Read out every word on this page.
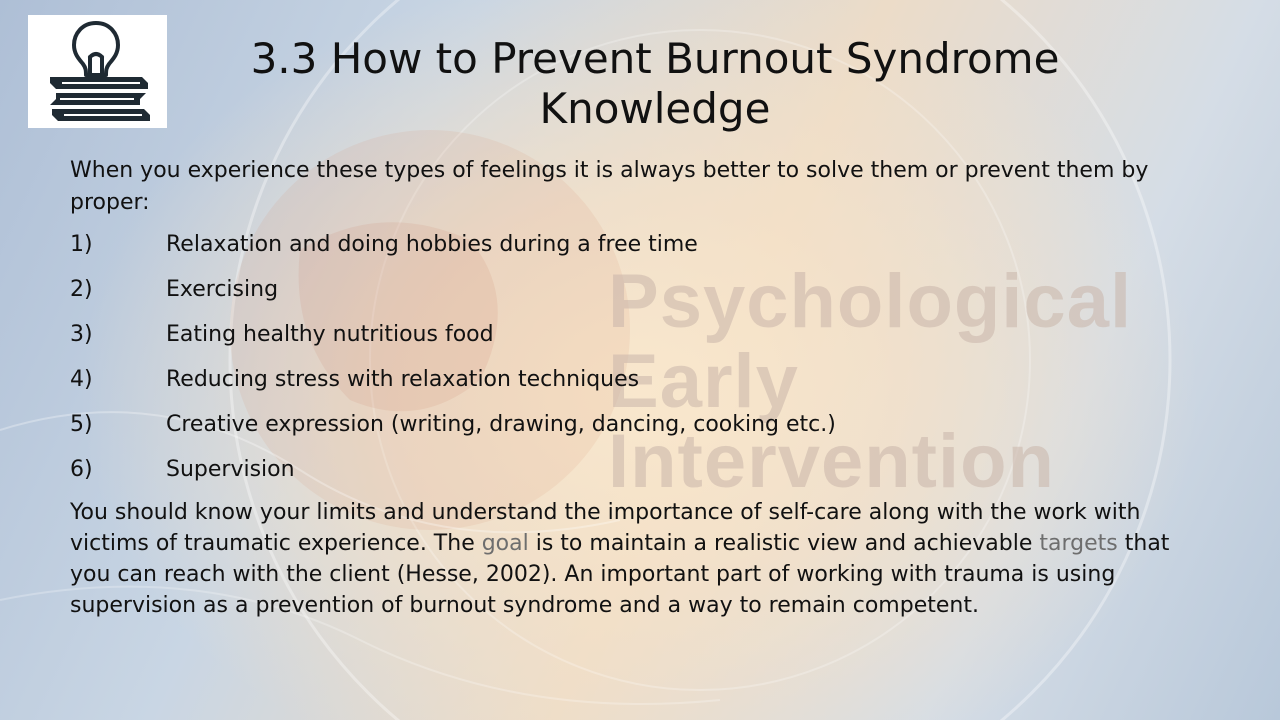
Psychological
Early
Intervention
3.3 How to Prevent Burnout Syndrome
Knowledge

When you experience these types of feelings it is always better to solve them or prevent them by proper:

1)	Relaxation and doing hobbies during a free time
2)	Exercising
3)	Eating healthy nutritious food
4)	Reducing stress with relaxation techniques
5)	Creative expression (writing, drawing, dancing, cooking etc.)
6)	Supervision

You should know your limits and understand the importance of self-care along with the work with victims of traumatic experience. The goal is to maintain a realistic view and achievable targets that you can reach with the client (Hesse, 2002). An important part of working with trauma is using supervision as a prevention of burnout syndrome and a way to remain competent.
